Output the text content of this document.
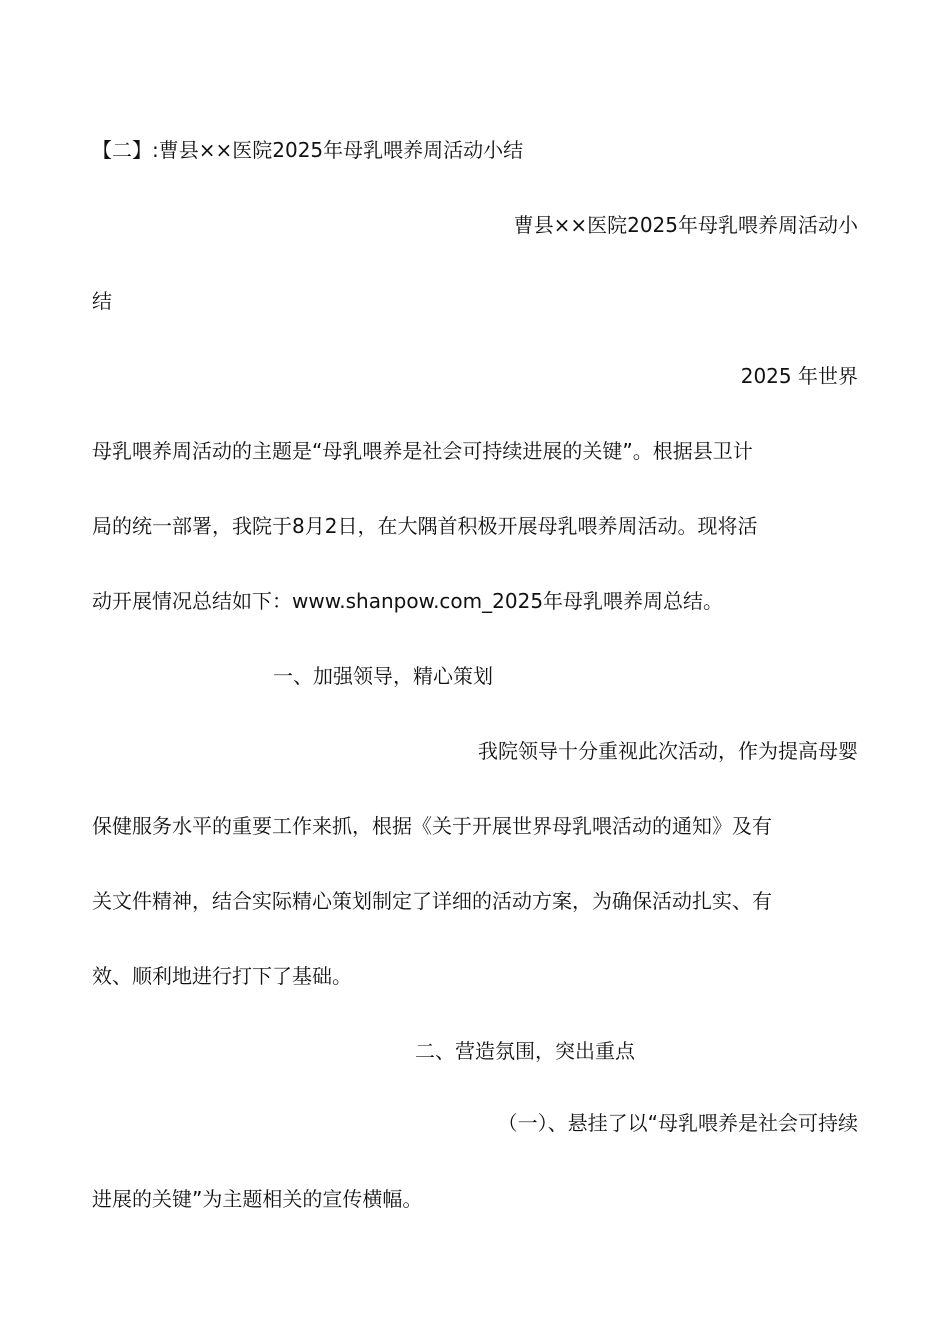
【二】:曹县××医院2025年母乳喂养周活动小结

曹县××医院2025年母乳喂养周活动小

结

2025 年世界

母乳喂养周活动的主题是“母乳喂养是社会可持续进展的关键”。根据县卫计

局的统一部署，我院于8月2日，在大隅首积极开展母乳喂养周活动。现将活

动开展情况总结如下：www.shanpow.com_2025年母乳喂养周总结。

一、加强领导，精心策划

我院领导十分重视此次活动，作为提高母婴

保健服务水平的重要工作来抓，根据《关于开展世界母乳喂活动的通知》及有

关文件精神，结合实际精心策划制定了详细的活动方案，为确保活动扎实、有

效、顺利地进行打下了基础。

二、营造氛围，突出重点

（一）、悬挂了以“母乳喂养是社会可持续

进展的关键”为主题相关的宣传横幅。
